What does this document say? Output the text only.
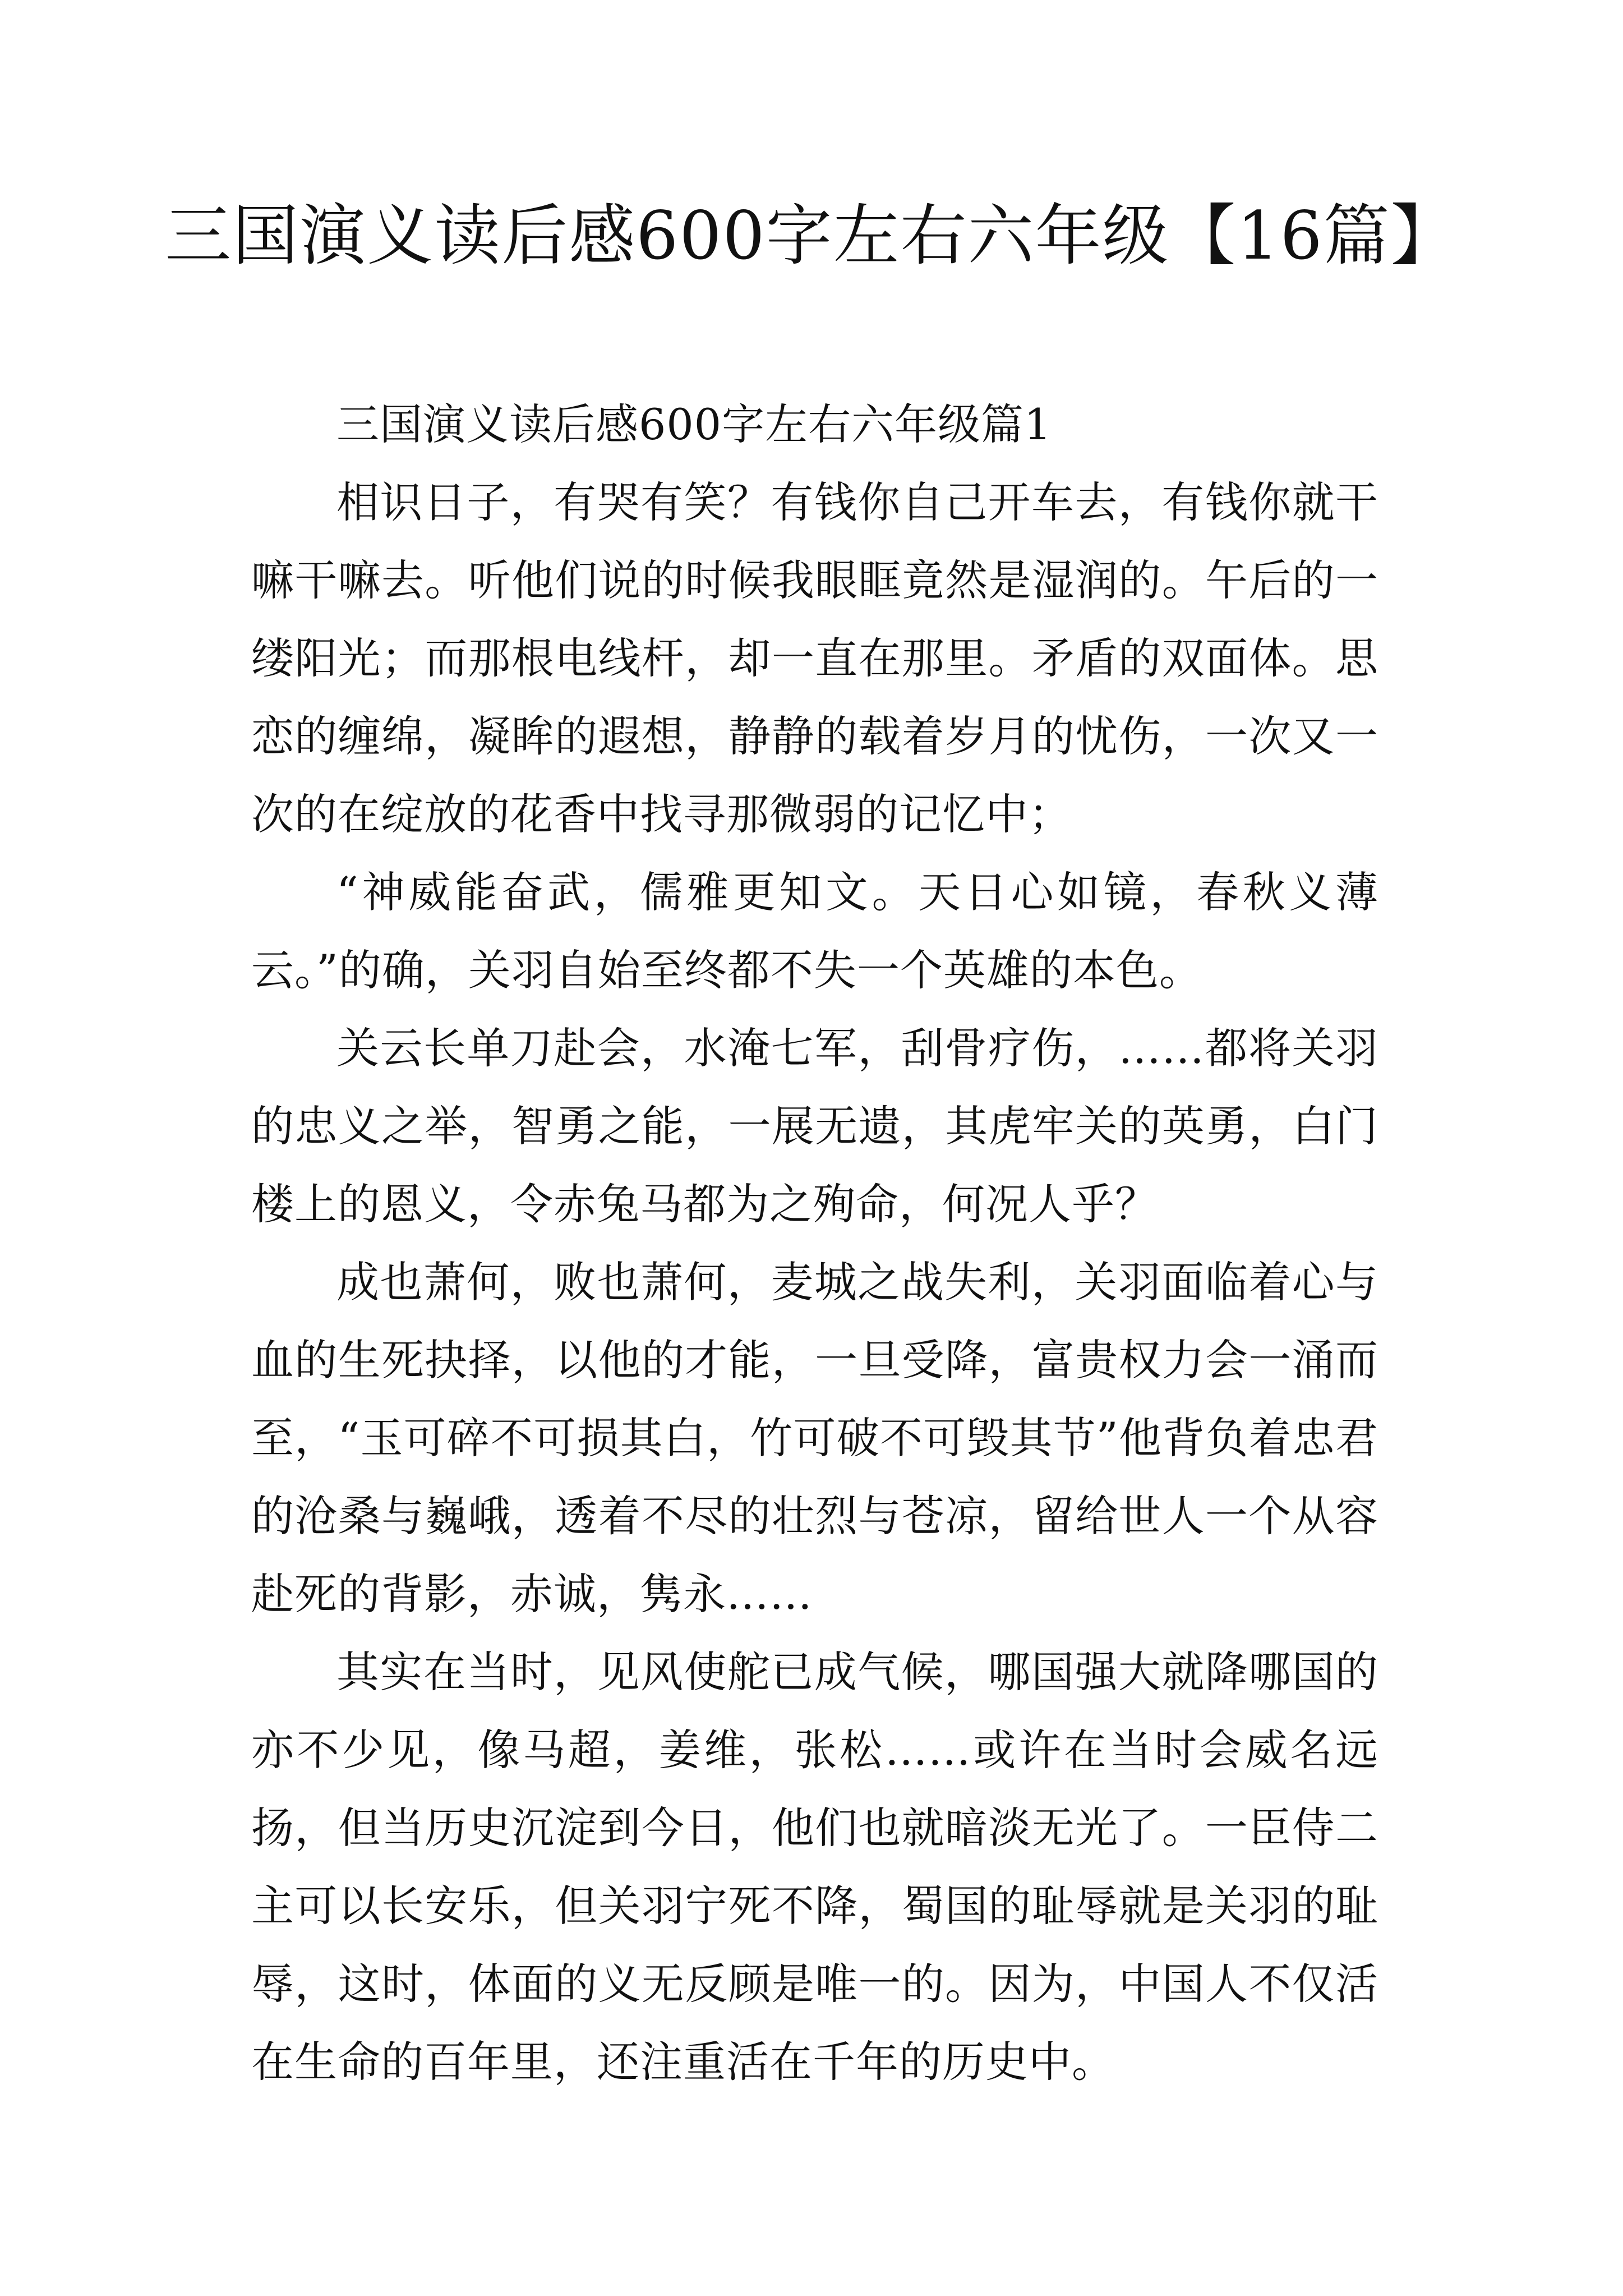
三国演义读后感600字左右六年级【16篇】

三国演义读后感600字左右六年级篇1

相识日子，有哭有笑？有钱你自己开车去，有钱你就干嘛干嘛去。听他们说的时候我眼眶竟然是湿润的。午后的一缕阳光；而那根电线杆，却一直在那里。矛盾的双面体。思恋的缠绵，凝眸的遐想，静静的载着岁月的忧伤，一次又一次的在绽放的花香中找寻那微弱的记忆中；

“神威能奋武，儒雅更知文。天日心如镜，春秋义薄云。”的确，关羽自始至终都不失一个英雄的本色。

关云长单刀赴会，水淹七军，刮骨疗伤，……都将关羽的忠义之举，智勇之能，一展无遗，其虎牢关的英勇，白门楼上的恩义，令赤兔马都为之殉命，何况人乎？

成也萧何，败也萧何，麦城之战失利，关羽面临着心与血的生死抉择，以他的才能，一旦受降，富贵权力会一涌而至，“玉可碎不可损其白，竹可破不可毁其节”他背负着忠君的沧桑与巍峨，透着不尽的壮烈与苍凉，留给世人一个从容赴死的背影，赤诚，隽永……

其实在当时，见风使舵已成气候，哪国强大就降哪国的亦不少见，像马超，姜维，张松……或许在当时会威名远扬，但当历史沉淀到今日，他们也就暗淡无光了。一臣侍二主可以长安乐，但关羽宁死不降，蜀国的耻辱就是关羽的耻辱，这时，体面的义无反顾是唯一的。因为，中国人不仅活在生命的百年里，还注重活在千年的历史中。
